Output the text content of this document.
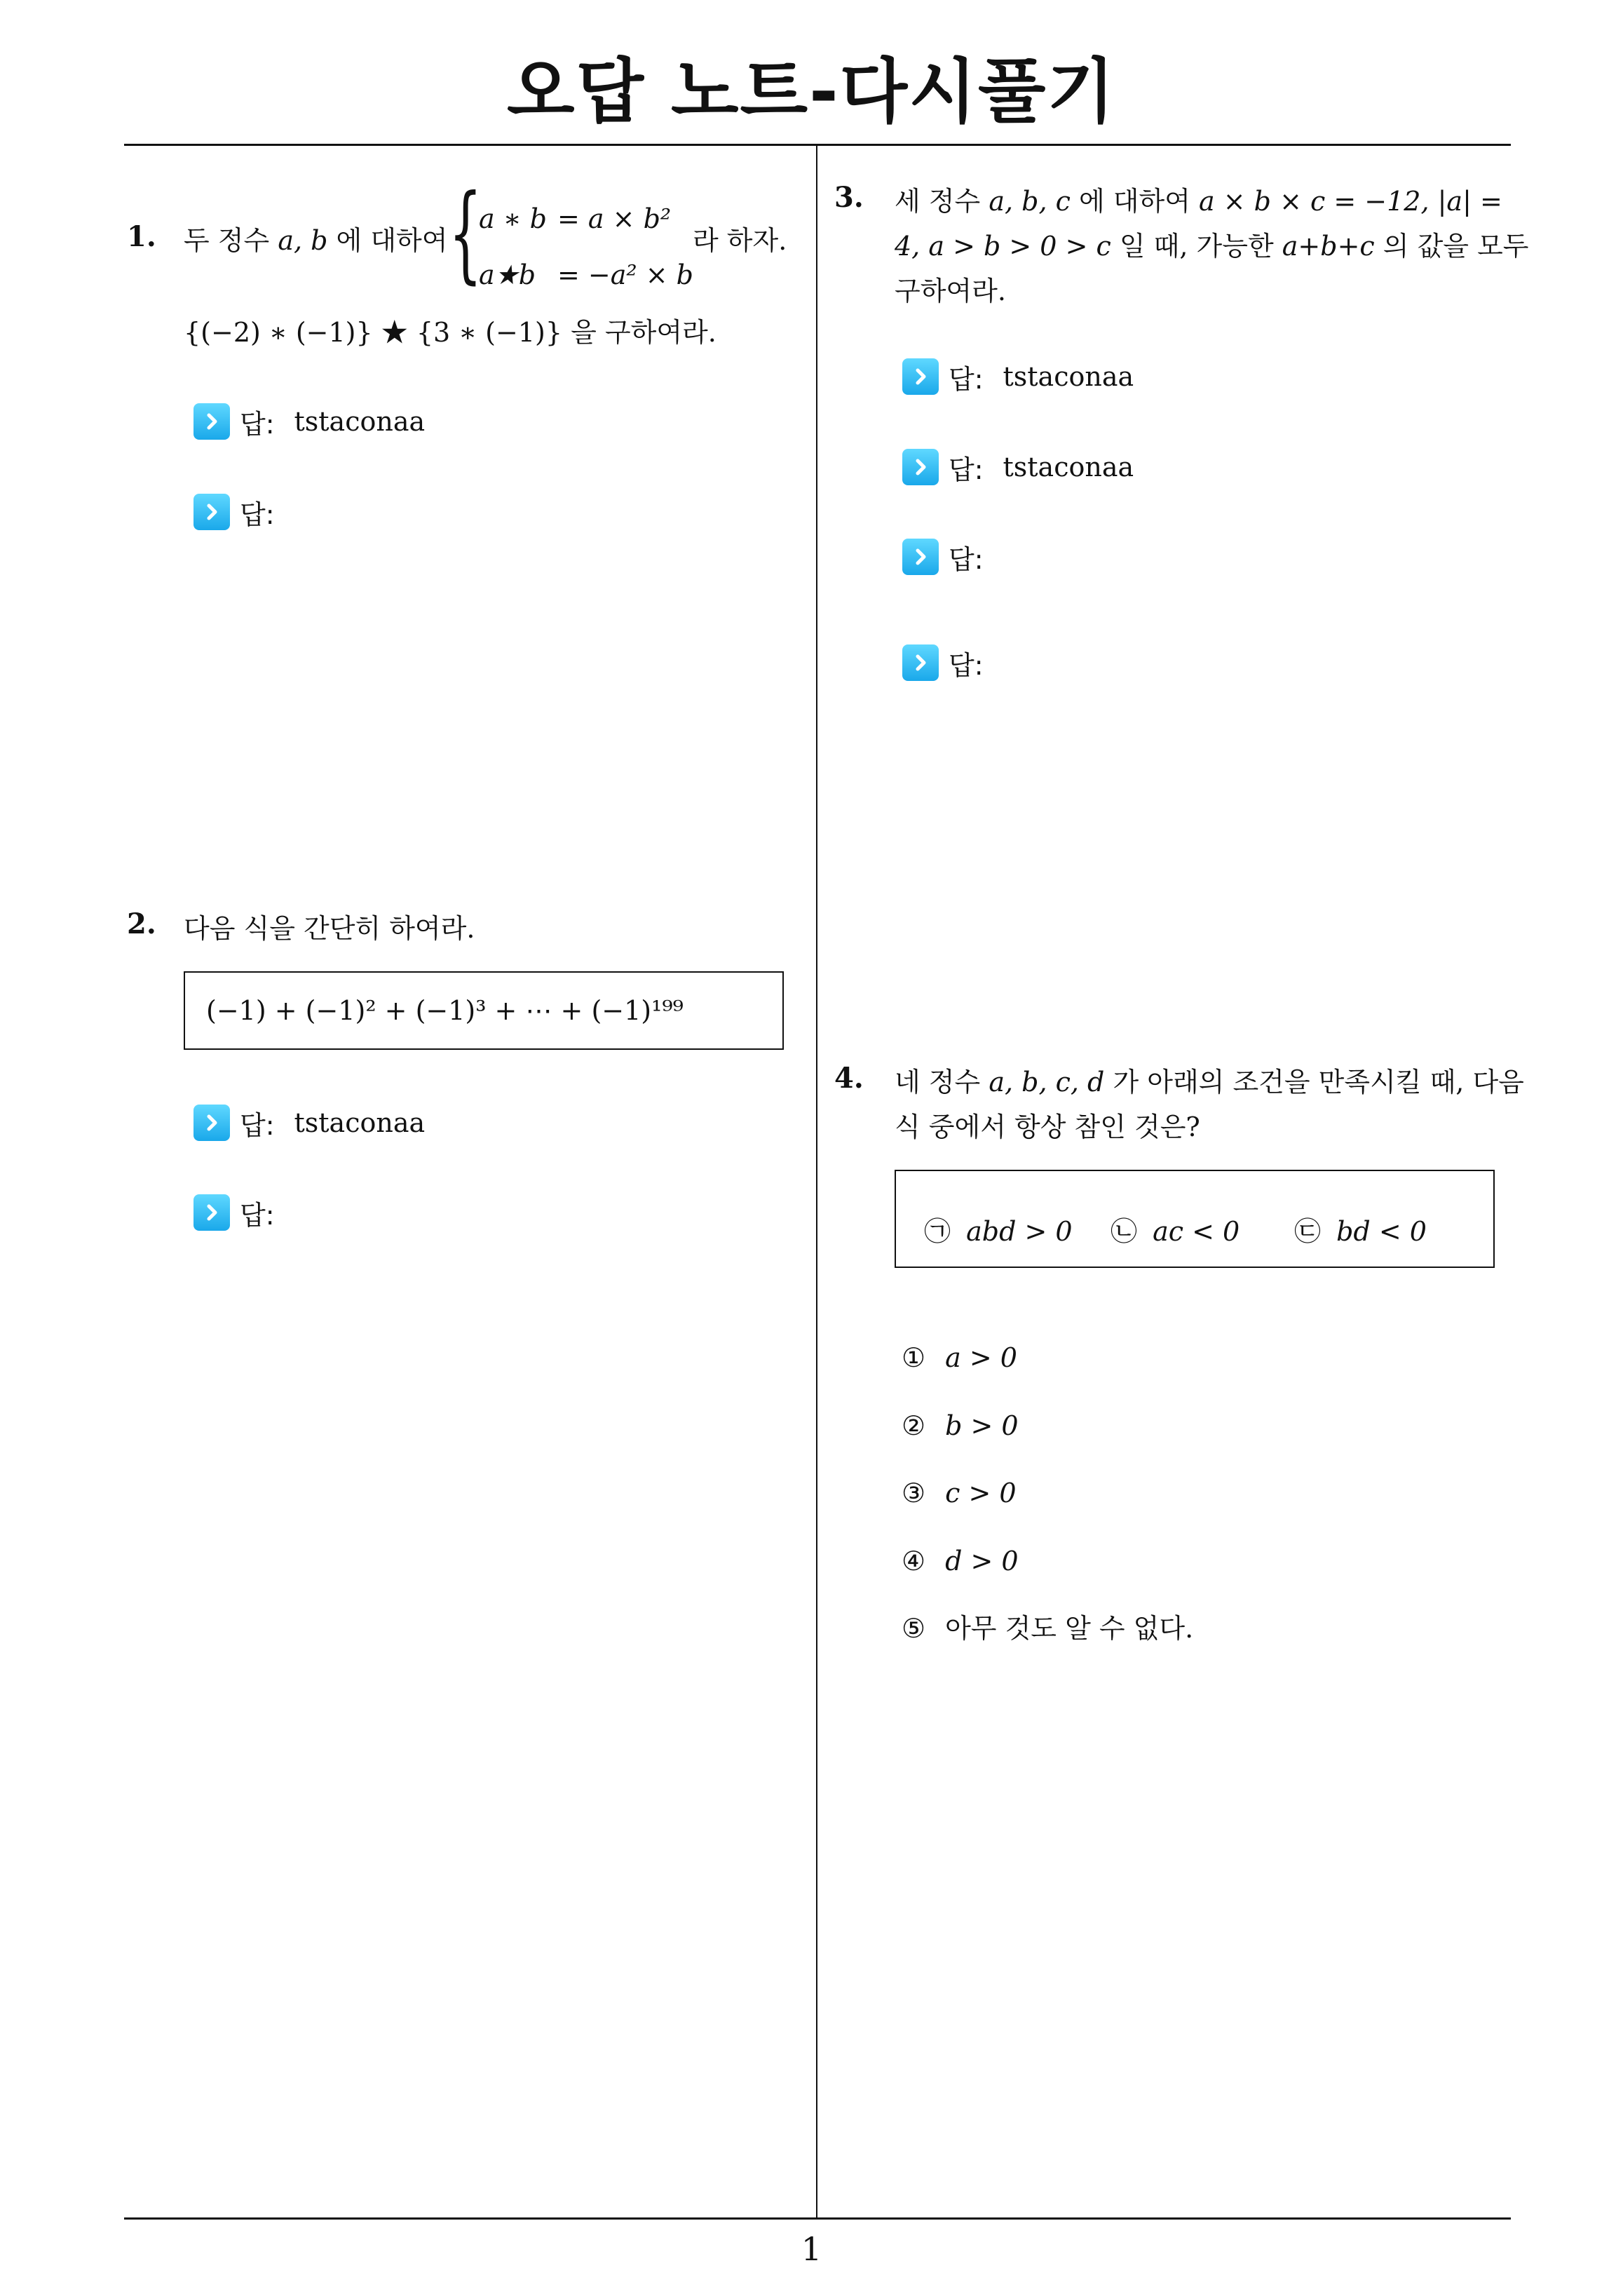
오답 노트-다시풀기
1
1. 두 정수 a, b 에 대하여 {
a ∗ b = a × b²
a★b = −a² × b
라 하자.
{(−2) ∗ (−1)} ★ {3 ∗ (−1)} 을 구하여라.
답: tstaconaa
답:
2. 다음 식을 간단히 하여라.
(−1) + (−1)² + (−1)³ + ⋯ + (−1)¹⁹⁹
답: tstaconaa
답:
3. 세 정수 a, b, c 에 대하여 a × b × c = −12, |a| =
4, a > b > 0 > c 일 때, 가능한 a+b+c 의 값을 모두
구하여라.
답: tstaconaa
답: tstaconaa
답:
답:
4. 네 정수 a, b, c, d 가 아래의 조건을 만족시킬 때, 다음
식 중에서 항상 참인 것은?
㉠ abd > 0 ㉡ ac < 0 ㉢ bd < 0
① a > 0
② b > 0
③ c > 0
④ d > 0
⑤ 아무 것도 알 수 없다.
